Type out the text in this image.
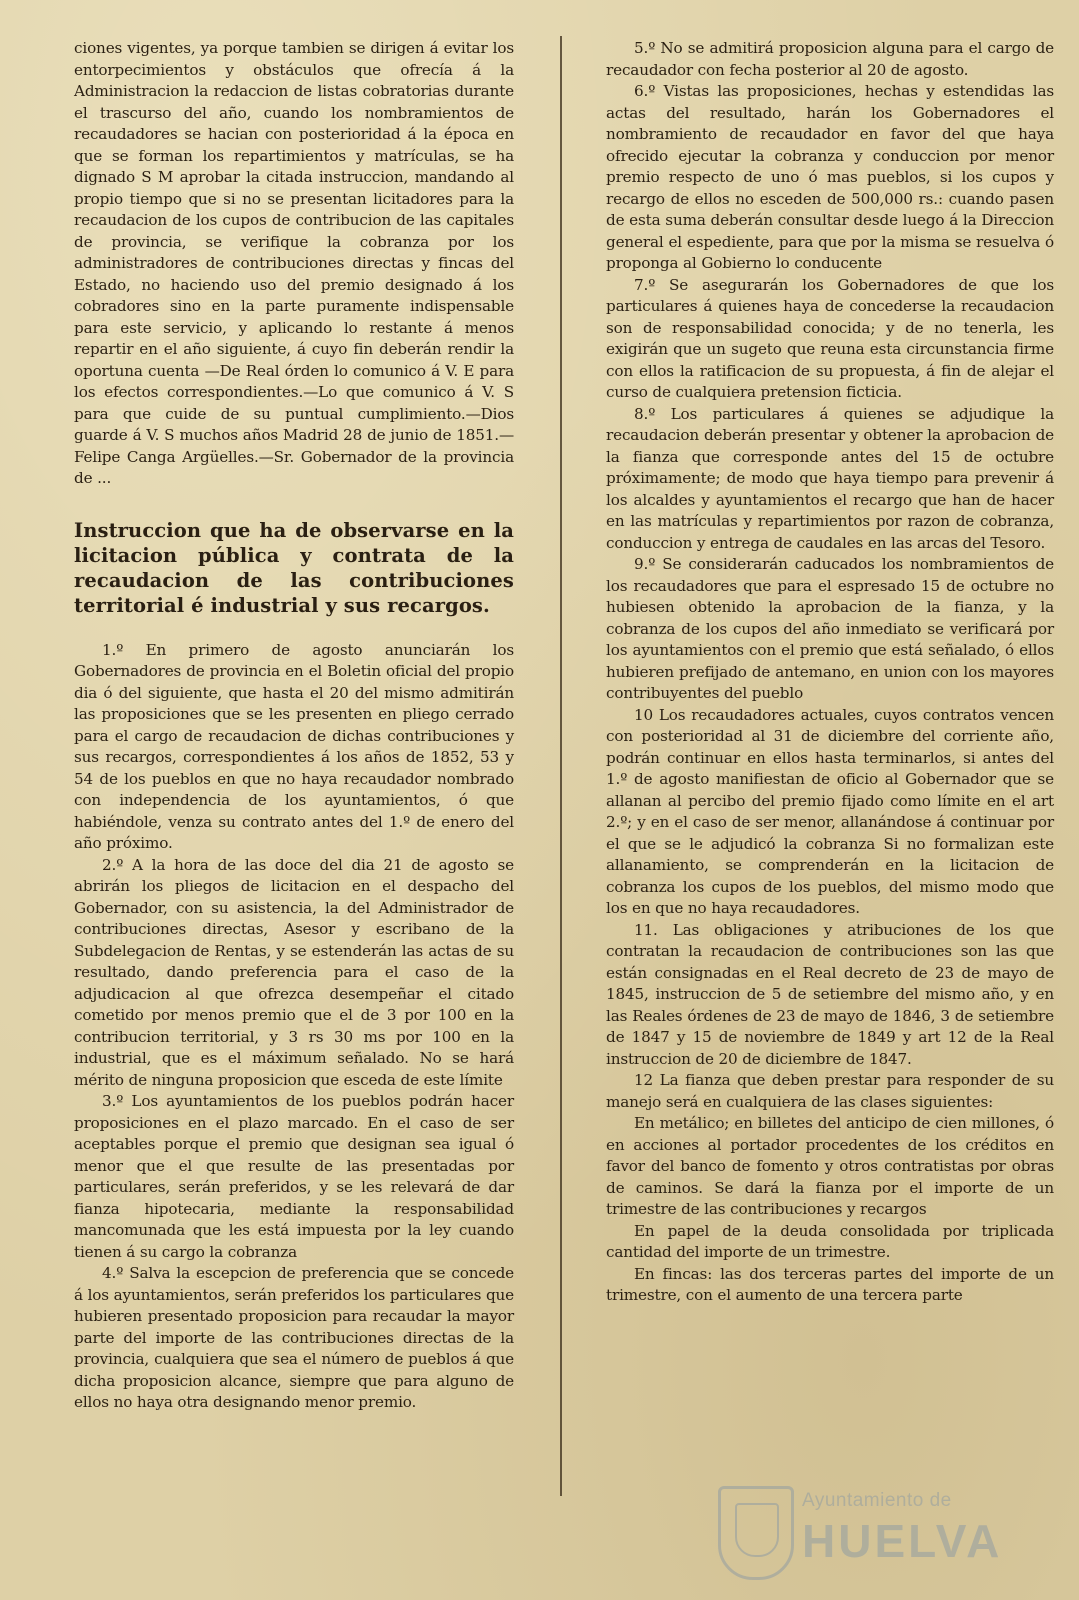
ciones vigentes, ya porque tambien se dirigen á evitar los entorpecimientos y obstáculos que ofrecía á la Administracion la redaccion de listas cobratorias durante el trascurso del año, cuando los nombramientos de recaudadores se hacian con posterioridad á la época en que se forman los repartimientos y matrículas, se ha dignado S M aprobar la citada instruccion, mandando al propio tiempo que si no se presentan licitadores para la recaudacion de los cupos de contribucion de las capitales de provincia, se verifique la cobranza por los administradores de contribuciones directas y fincas del Estado, no haciendo uso del premio designado á los cobradores sino en la parte puramente indispensable para este servicio, y aplicando lo restante á menos repartir en el año siguiente, á cuyo fin deberán rendir la oportuna cuenta —De Real órden lo comunico á V. E para los efectos correspondientes.—Lo que comunico á V. S para que cuide de su puntual cumplimiento.—Dios guarde á V. S muchos años Madrid 28 de junio de 1851.—Felipe Canga Argüelles.—Sr. Gobernador de la provincia de ...

Instruccion que ha de observarse en la licitacion pública y contrata de la recaudacion de las contribuciones territorial é industrial y sus recargos.

1.º En primero de agosto anunciarán los Gobernadores de provincia en el Boletin oficial del propio dia ó del siguiente, que hasta el 20 del mismo admitirán las proposiciones que se les presenten en pliego cerrado para el cargo de recaudacion de dichas contribuciones y sus recargos, correspondientes á los años de 1852, 53 y 54 de los pueblos en que no haya recaudador nombrado con independencia de los ayuntamientos, ó que habiéndole, venza su contrato antes del 1.º de enero del año próximo.

2.º A la hora de las doce del dia 21 de agosto se abrirán los pliegos de licitacion en el despacho del Gobernador, con su asistencia, la del Administrador de contribuciones directas, Asesor y escribano de la Subdelegacion de Rentas, y se estenderán las actas de su resultado, dando preferencia para el caso de la adjudicacion al que ofrezca desempeñar el citado cometido por menos premio que el de 3 por 100 en la contribucion territorial, y 3 rs 30 ms por 100 en la industrial, que es el máximum señalado. No se hará mérito de ninguna proposicion que esceda de este límite

3.º Los ayuntamientos de los pueblos podrán hacer proposiciones en el plazo marcado. En el caso de ser aceptables porque el premio que designan sea igual ó menor que el que resulte de las presentadas por particulares, serán preferidos, y se les relevará de dar fianza hipotecaria, mediante la responsabilidad mancomunada que les está impuesta por la ley cuando tienen á su cargo la cobranza

4.º Salva la escepcion de preferencia que se concede á los ayuntamientos, serán preferidos los particulares que hubieren presentado proposicion para recaudar la mayor parte del importe de las contribuciones directas de la provincia, cualquiera que sea el número de pueblos á que dicha proposicion alcance, siempre que para alguno de ellos no haya otra designando menor premio.

5.º No se admitirá proposicion alguna para el cargo de recaudador con fecha posterior al 20 de agosto.

6.º Vistas las proposiciones, hechas y estendidas las actas del resultado, harán los Gobernadores el nombramiento de recaudador en favor del que haya ofrecido ejecutar la cobranza y conduccion por menor premio respecto de uno ó mas pueblos, si los cupos y recargo de ellos no esceden de 500,000 rs.: cuando pasen de esta suma deberán consultar desde luego á la Direccion general el espediente, para que por la misma se resuelva ó proponga al Gobierno lo conducente

7.º Se asegurarán los Gobernadores de que los particulares á quienes haya de concederse la recaudacion son de responsabilidad conocida; y de no tenerla, les exigirán que un sugeto que reuna esta circunstancia firme con ellos la ratificacion de su propuesta, á fin de alejar el curso de cualquiera pretension ficticia.

8.º Los particulares á quienes se adjudique la recaudacion deberán presentar y obtener la aprobacion de la fianza que corresponde antes del 15 de octubre próximamente; de modo que haya tiempo para prevenir á los alcaldes y ayuntamientos el recargo que han de hacer en las matrículas y repartimientos por razon de cobranza, conduccion y entrega de caudales en las arcas del Tesoro.

9.º Se considerarán caducados los nombramientos de los recaudadores que para el espresado 15 de octubre no hubiesen obtenido la aprobacion de la fianza, y la cobranza de los cupos del año inmediato se verificará por los ayuntamientos con el premio que está señalado, ó ellos hubieren prefijado de antemano, en union con los mayores contribuyentes del pueblo

10 Los recaudadores actuales, cuyos contratos vencen con posterioridad al 31 de diciembre del corriente año, podrán continuar en ellos hasta terminarlos, si antes del 1.º de agosto manifiestan de oficio al Gobernador que se allanan al percibo del premio fijado como límite en el art 2.º; y en el caso de ser menor, allanándose á continuar por el que se le adjudicó la cobranza Si no formalizan este allanamiento, se comprenderán en la licitacion de cobranza los cupos de los pueblos, del mismo modo que los en que no haya recaudadores.

11. Las obligaciones y atribuciones de los que contratan la recaudacion de contribuciones son las que están consignadas en el Real decreto de 23 de mayo de 1845, instruccion de 5 de setiembre del mismo año, y en las Reales órdenes de 23 de mayo de 1846, 3 de setiembre de 1847 y 15 de noviembre de 1849 y art 12 de la Real instruccion de 20 de diciembre de 1847.

12 La fianza que deben prestar para responder de su manejo será en cualquiera de las clases siguientes:

En metálico; en billetes del anticipo de cien millones, ó en acciones al portador procedentes de los créditos en favor del banco de fomento y otros contratistas por obras de caminos. Se dará la fianza por el importe de un trimestre de las contribuciones y recargos

En papel de la deuda consolidada por triplicada cantidad del importe de un trimestre.

En fincas: las dos terceras partes del importe de un trimestre, con el aumento de una tercera parte

Ayuntamiento de
HUELVA
